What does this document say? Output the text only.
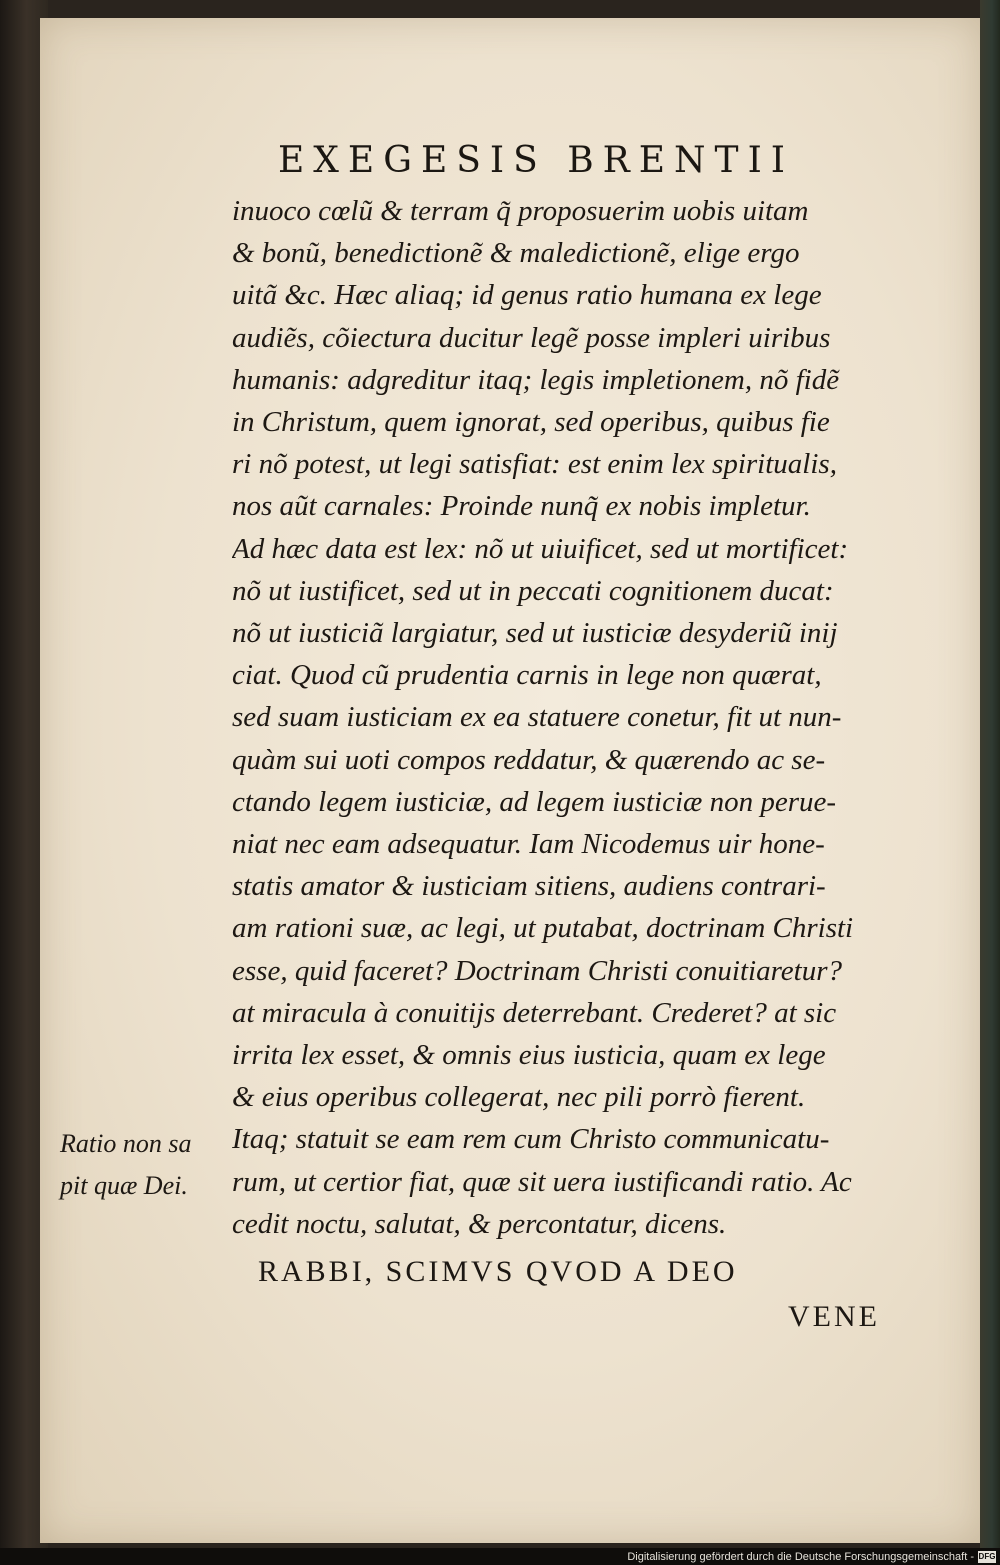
EXEGESIS BRENTII
inuoco cœlũ & terram q̃ proposuerim uobis uitam
& bonũ, benedictionẽ & maledictionẽ, elige ergo
uitã &c. Hæc aliaq; id genus ratio humana ex lege
audiẽs, cõiectura ducitur legẽ posse impleri uiribus
humanis: adgreditur itaq; legis impletionem, nõ fidẽ
in Christum, quem ignorat, sed operibus, quibus fie
ri nõ potest, ut legi satisfiat: est enim lex spiritualis,
nos aũt carnales: Proinde nunq̃ ex nobis impletur.
Ad hæc data est lex: nõ ut uiuificet, sed ut mortificet:
nõ ut iustificet, sed ut in peccati cognitionem ducat:
nõ ut iusticiã largiatur, sed ut iusticiæ desyderiũ inij
ciat. Quod cũ prudentia carnis in lege non quærat,
sed suam iusticiam ex ea statuere conetur, fit ut nun-
quàm sui uoti compos reddatur, & quærendo ac se-
ctando legem iusticiæ, ad legem iusticiæ non perue-
niat nec eam adsequatur. Iam Nicodemus uir hone-
statis amator & iusticiam sitiens, audiens contrari-
am rationi suæ, ac legi, ut putabat, doctrinam Christi
esse, quid faceret? Doctrinam Christi conuitiaretur?
at miracula à conuitijs deterrebant. Crederet? at sic
irrita lex esset, & omnis eius iusticia, quam ex lege
& eius operibus collegerat, nec pili porrò fierent.
Itaq; statuit se eam rem cum Christo communicatu-
rum, ut certior fiat, quæ sit uera iustificandi ratio. Ac
cedit noctu, salutat, & percontatur, dicens.
Ratio non sa
pit quæ Dei.
RABBI, SCIMVS QVOD A DEO
VENE
Digitalisierung gefördert durch die Deutsche Forschungsgemeinschaft - DFG
